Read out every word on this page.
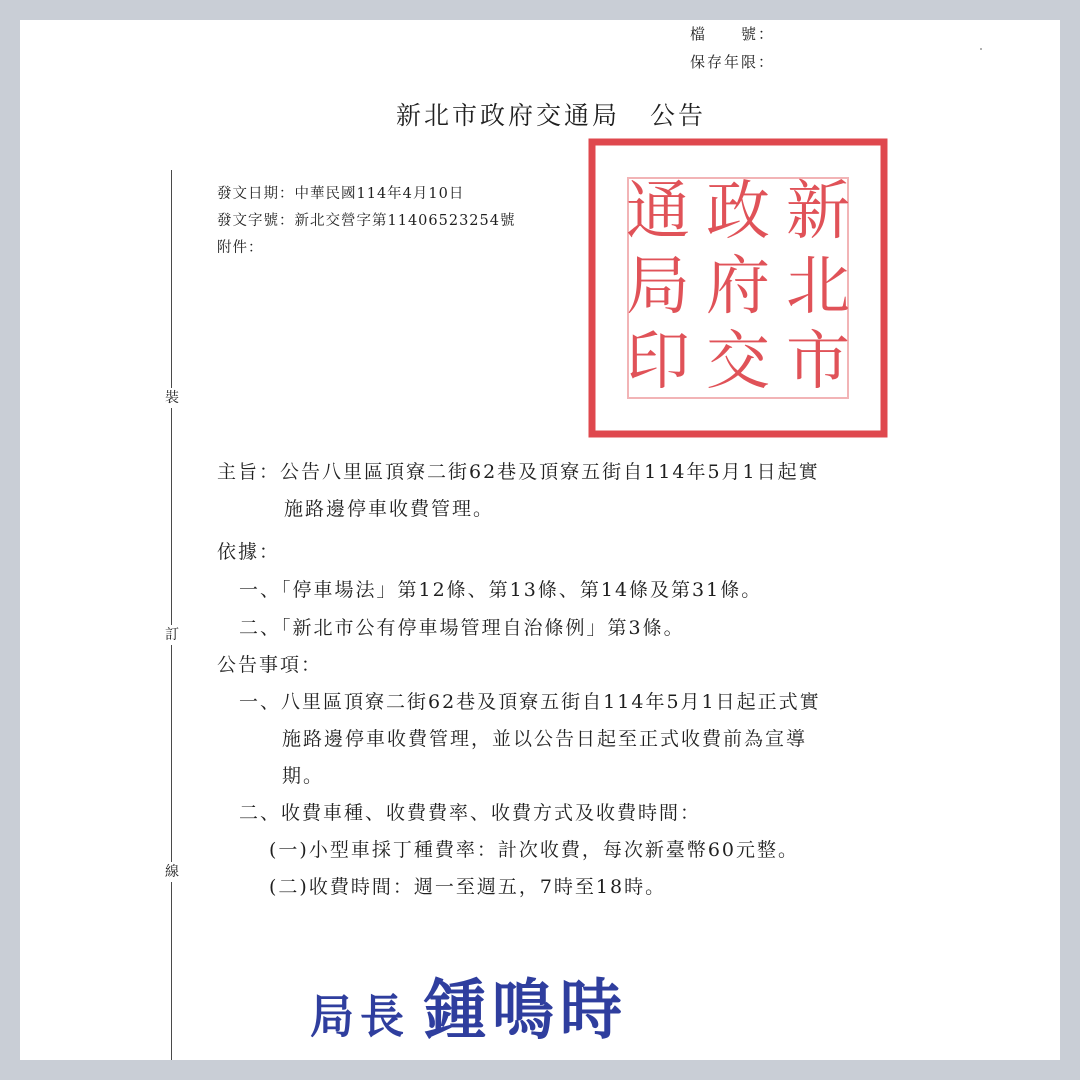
檔　　號：
保存年限：
新北市政府交通局 公告
裝
訂
線
發文日期：中華民國114年4月10日
發文字號：新北交營字第11406523254號
附件：	新
北
市
政
府
交
通
局
印
主旨：公告八里區頂寮二街62巷及頂寮五街自114年5月1日起實
施路邊停車收費管理。
依據：
一、「停車場法」第12條、第13條、第14條及第31條。
二、「新北市公有停車場管理自治條例」第3條。
公告事項：
一、八里區頂寮二街62巷及頂寮五街自114年5月1日起正式實
施路邊停車收費管理，並以公告日起至正式收費前為宣導
期。
二、收費車種、收費費率、收費方式及收費時間：
(一)小型車採丁種費率：計次收費，每次新臺幣60元整。
(二)收費時間：週一至週五，7時至18時。
局長 鍾鳴時
